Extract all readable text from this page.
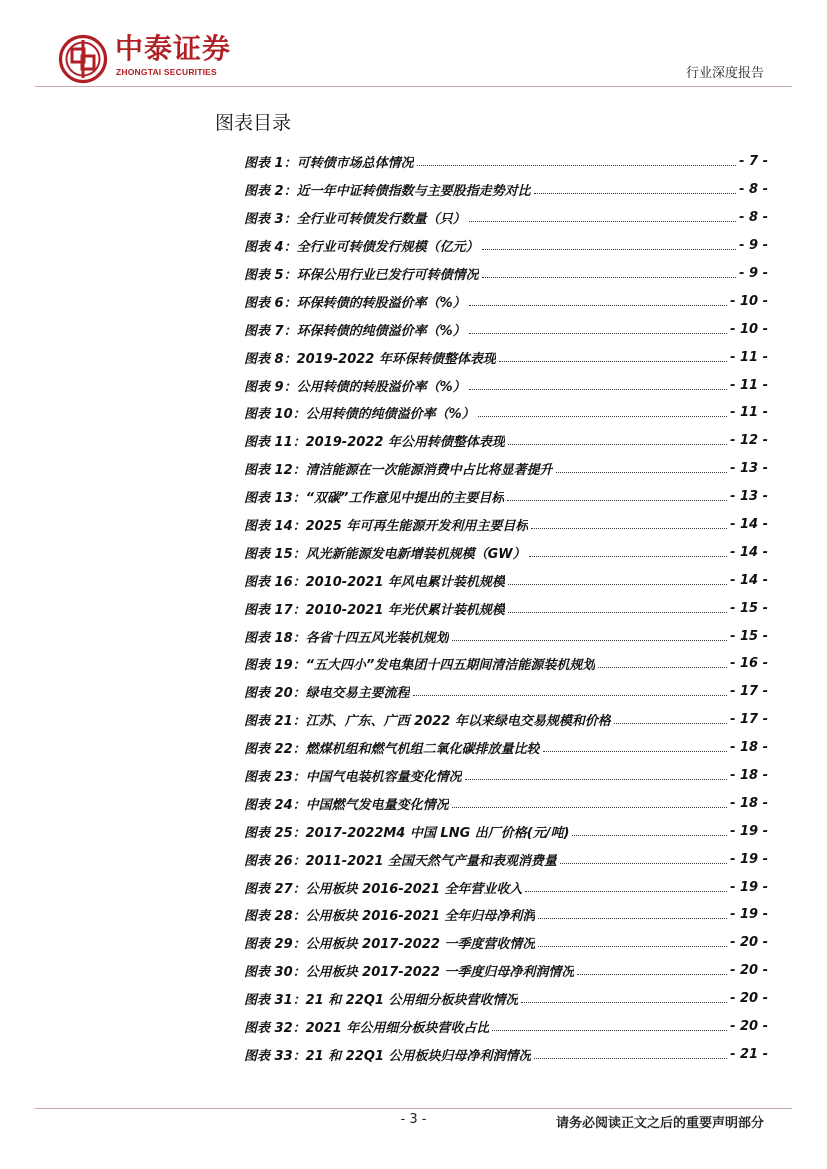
中泰证券
ZHONGTAI SECURITIES	行业深度报告
图表目录
图表 1：可转债市场总体情况	- 7 -
图表 2：近一年中证转债指数与主要股指走势对比	- 8 -
图表 3：全行业可转债发行数量（只）	- 8 -
图表 4：全行业可转债发行规模（亿元）	- 9 -
图表 5：环保公用行业已发行可转债情况	- 9 -
图表 6：环保转债的转股溢价率（%）	- 10 -
图表 7：环保转债的纯债溢价率（%）	- 10 -
图表 8：2019-2022 年环保转债整体表现	- 11 -
图表 9：公用转债的转股溢价率（%）	- 11 -
图表 10：公用转债的纯债溢价率（%）	- 11 -
图表 11：2019-2022 年公用转债整体表现	- 12 -
图表 12：清洁能源在一次能源消费中占比将显著提升	- 13 -
图表 13：“双碳”工作意见中提出的主要目标	- 13 -
图表 14：2025 年可再生能源开发利用主要目标	- 14 -
图表 15：风光新能源发电新增装机规模（GW）	- 14 -
图表 16：2010-2021 年风电累计装机规模	- 14 -
图表 17：2010-2021 年光伏累计装机规模	- 15 -
图表 18：各省十四五风光装机规划	- 15 -
图表 19：“五大四小”发电集团十四五期间清洁能源装机规划	- 16 -
图表 20：绿电交易主要流程	- 17 -
图表 21：江苏、广东、广西 2022 年以来绿电交易规模和价格	- 17 -
图表 22：燃煤机组和燃气机组二氧化碳排放量比较	- 18 -
图表 23：中国气电装机容量变化情况	- 18 -
图表 24：中国燃气发电量变化情况	- 18 -
图表 25：2017-2022M4 中国 LNG 出厂价格(元/吨)	- 19 -
图表 26：2011-2021 全国天然气产量和表观消费量	- 19 -
图表 27：公用板块 2016-2021 全年营业收入	- 19 -
图表 28：公用板块 2016-2021 全年归母净利润	- 19 -
图表 29：公用板块 2017-2022 一季度营收情况	- 20 -
图表 30：公用板块 2017-2022 一季度归母净利润情况	- 20 -
图表 31：21 和 22Q1 公用细分板块营收情况	- 20 -
图表 32：2021 年公用细分板块营收占比	- 20 -
图表 33：21 和 22Q1 公用板块归母净利润情况	- 21 -
- 3 -	请务必阅读正文之后的重要声明部分
